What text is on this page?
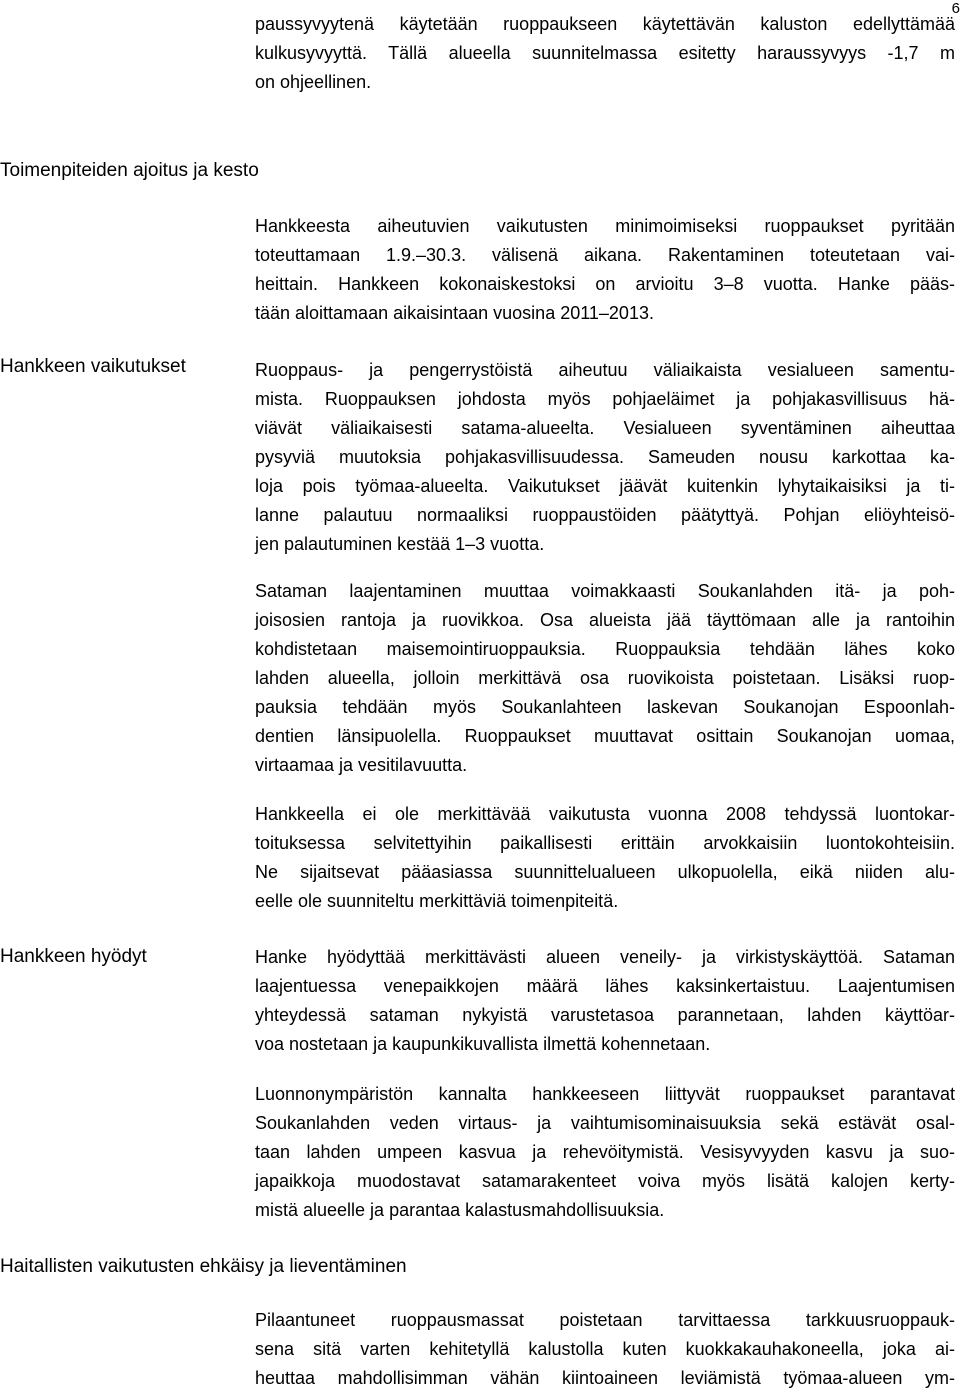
6

paussyvyytenä käytetään ruoppaukseen käytettävän kaluston edellyttämää
kulkusyvyyttä. Tällä alueella suunnitelmassa esitetty haraussyvyys -1,7 m
on ohjeellinen.

Toimenpiteiden ajoitus ja kesto

Hankkeesta aiheutuvien vaikutusten minimoimiseksi ruoppaukset pyritään
toteuttamaan 1.9.–30.3. välisenä aikana. Rakentaminen toteutetaan vai-
heittain. Hankkeen kokonaiskestoksi on arvioitu 3–8 vuotta. Hanke pääs-
tään aloittamaan aikaisintaan vuosina 2011–2013.

Hankkeen vaikutukset	Ruoppaus- ja pengerrystöistä aiheutuu väliaikaista vesialueen samentu-
mista. Ruoppauksen johdosta myös pohjaeläimet ja pohjakasvillisuus hä-
viävät väliaikaisesti satama-alueelta. Vesialueen syventäminen aiheuttaa
pysyviä muutoksia pohjakasvillisuudessa. Sameuden nousu karkottaa ka-
loja pois työmaa-alueelta. Vaikutukset jäävät kuitenkin lyhytaikaisiksi ja ti-
lanne palautuu normaaliksi ruoppaustöiden päätyttyä. Pohjan eliöyhteisö-
jen palautuminen kestää 1–3 vuotta.

Sataman laajentaminen muuttaa voimakkaasti Soukanlahden itä- ja poh-
joisosien rantoja ja ruovikkoa. Osa alueista jää täyttömaan alle ja rantoihin
kohdistetaan maisemointiruoppauksia. Ruoppauksia tehdään lähes koko
lahden alueella, jolloin merkittävä osa ruovikoista poistetaan. Lisäksi ruop-
pauksia tehdään myös Soukanlahteen laskevan Soukanojan Espoonlah-
dentien länsipuolella. Ruoppaukset muuttavat osittain Soukanojan uomaa,
virtaamaa ja vesitilavuutta.

Hankkeella ei ole merkittävää vaikutusta vuonna 2008 tehdyssä luontokar-
toituksessa selvitettyihin paikallisesti erittäin arvokkaisiin luontokohteisiin.
Ne sijaitsevat pääasiassa suunnittelualueen ulkopuolella, eikä niiden alu-
eelle ole suunniteltu merkittäviä toimenpiteitä.

Hankkeen hyödyt	Hanke hyödyttää merkittävästi alueen veneily- ja virkistyskäyttöä. Sataman
laajentuessa venepaikkojen määrä lähes kaksinkertaistuu. Laajentumisen
yhteydessä sataman nykyistä varustetasoa parannetaan, lahden käyttöar-
voa nostetaan ja kaupunkikuvallista ilmettä kohennetaan.

Luonnonympäristön kannalta hankkeeseen liittyvät ruoppaukset parantavat
Soukanlahden veden virtaus- ja vaihtumisominaisuuksia sekä estävät osal-
taan lahden umpeen kasvua ja rehevöitymistä. Vesisyvyyden kasvu ja suo-
japaikkoja muodostavat satamarakenteet voiva myös lisätä kalojen kerty-
mistä alueelle ja parantaa kalastusmahdollisuuksia.

Haitallisten vaikutusten ehkäisy ja lieventäminen

Pilaantuneet ruoppausmassat poistetaan tarvittaessa tarkkuusruoppauk-
sena sitä varten kehitetyllä kalustolla kuten kuokkakauhakoneella, joka ai-
heuttaa mahdollisimman vähän kiintoaineen leviämistä työmaa-alueen ym-
